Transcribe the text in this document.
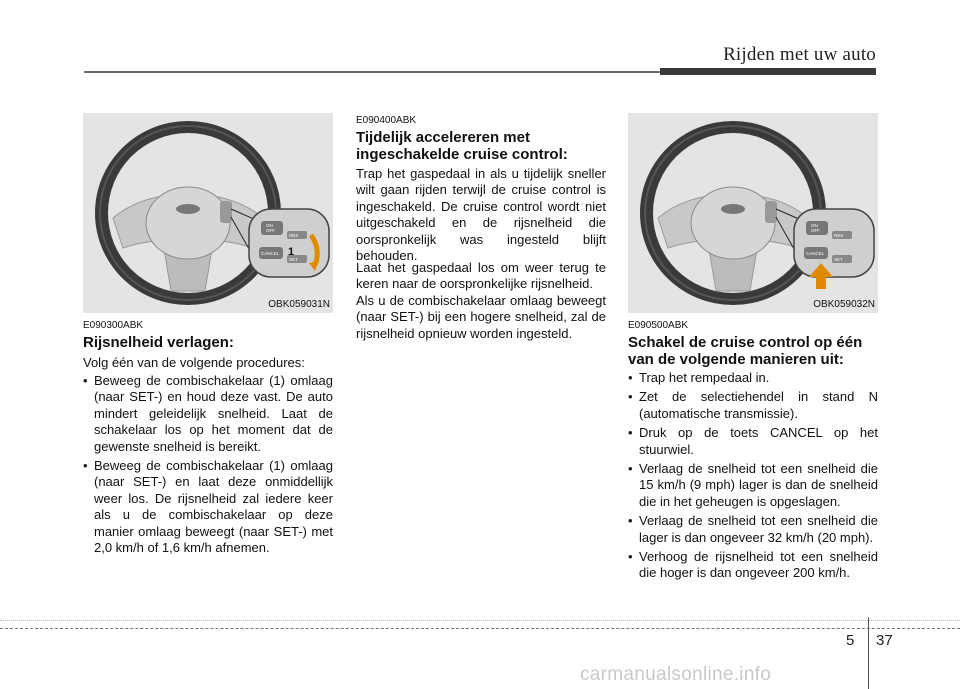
Rijden met uw auto
ON
OFF
CANCEL
RES
SET
1
OBK059031N
E090300ABK
Rijsnelheid verlagen:
Volg één van de volgende procedures:
• Beweeg de combischakelaar (1) omlaag (naar SET-) en houd deze vast. De auto mindert geleidelijk snelheid. Laat de schakelaar los op het moment dat de gewenste snelheid is bereikt.
• Beweeg de combischakelaar (1) omlaag (naar SET-) en laat deze onmiddellijk weer los. De rijsnelheid zal iedere keer als u de combischakelaar op deze manier omlaag beweegt (naar SET-) met 2,0 km/h of 1,6 km/h afnemen.
E090400ABK
Tijdelijk accelereren met
ingeschakelde cruise control:
Trap het gaspedaal in als u tijdelijk sneller wilt gaan rijden terwijl de cruise control is ingeschakeld. De cruise control wordt niet uitgeschakeld en de rijsnelheid die oorspronkelijk was ingesteld blijft behouden.
Laat het gaspedaal los om weer terug te keren naar de oorspronkelijke rijsnelheid.
Als u de combischakelaar omlaag beweegt (naar SET-) bij een hogere snelheid, zal de rijsnelheid opnieuw worden ingesteld.
ON
OFF
CANCEL
RES
SET
OBK059032N
E090500ABK
Schakel de cruise control op één
van de volgende manieren uit:
• Trap het rempedaal in.
• Zet de selectiehendel in stand N (automatische transmissie).
• Druk op de toets CANCEL op het stuurwiel.
• Verlaag de snelheid tot een snelheid die 15 km/h (9 mph) lager is dan de snelheid die in het geheugen is opgeslagen.
• Verlaag de snelheid tot een snelheid die lager is dan ongeveer 32 km/h (20 mph).
• Verhoog de rijsnelheid tot een snelheid die hoger is dan ongeveer 200 km/h.
5 37
carmanualsonline.info
